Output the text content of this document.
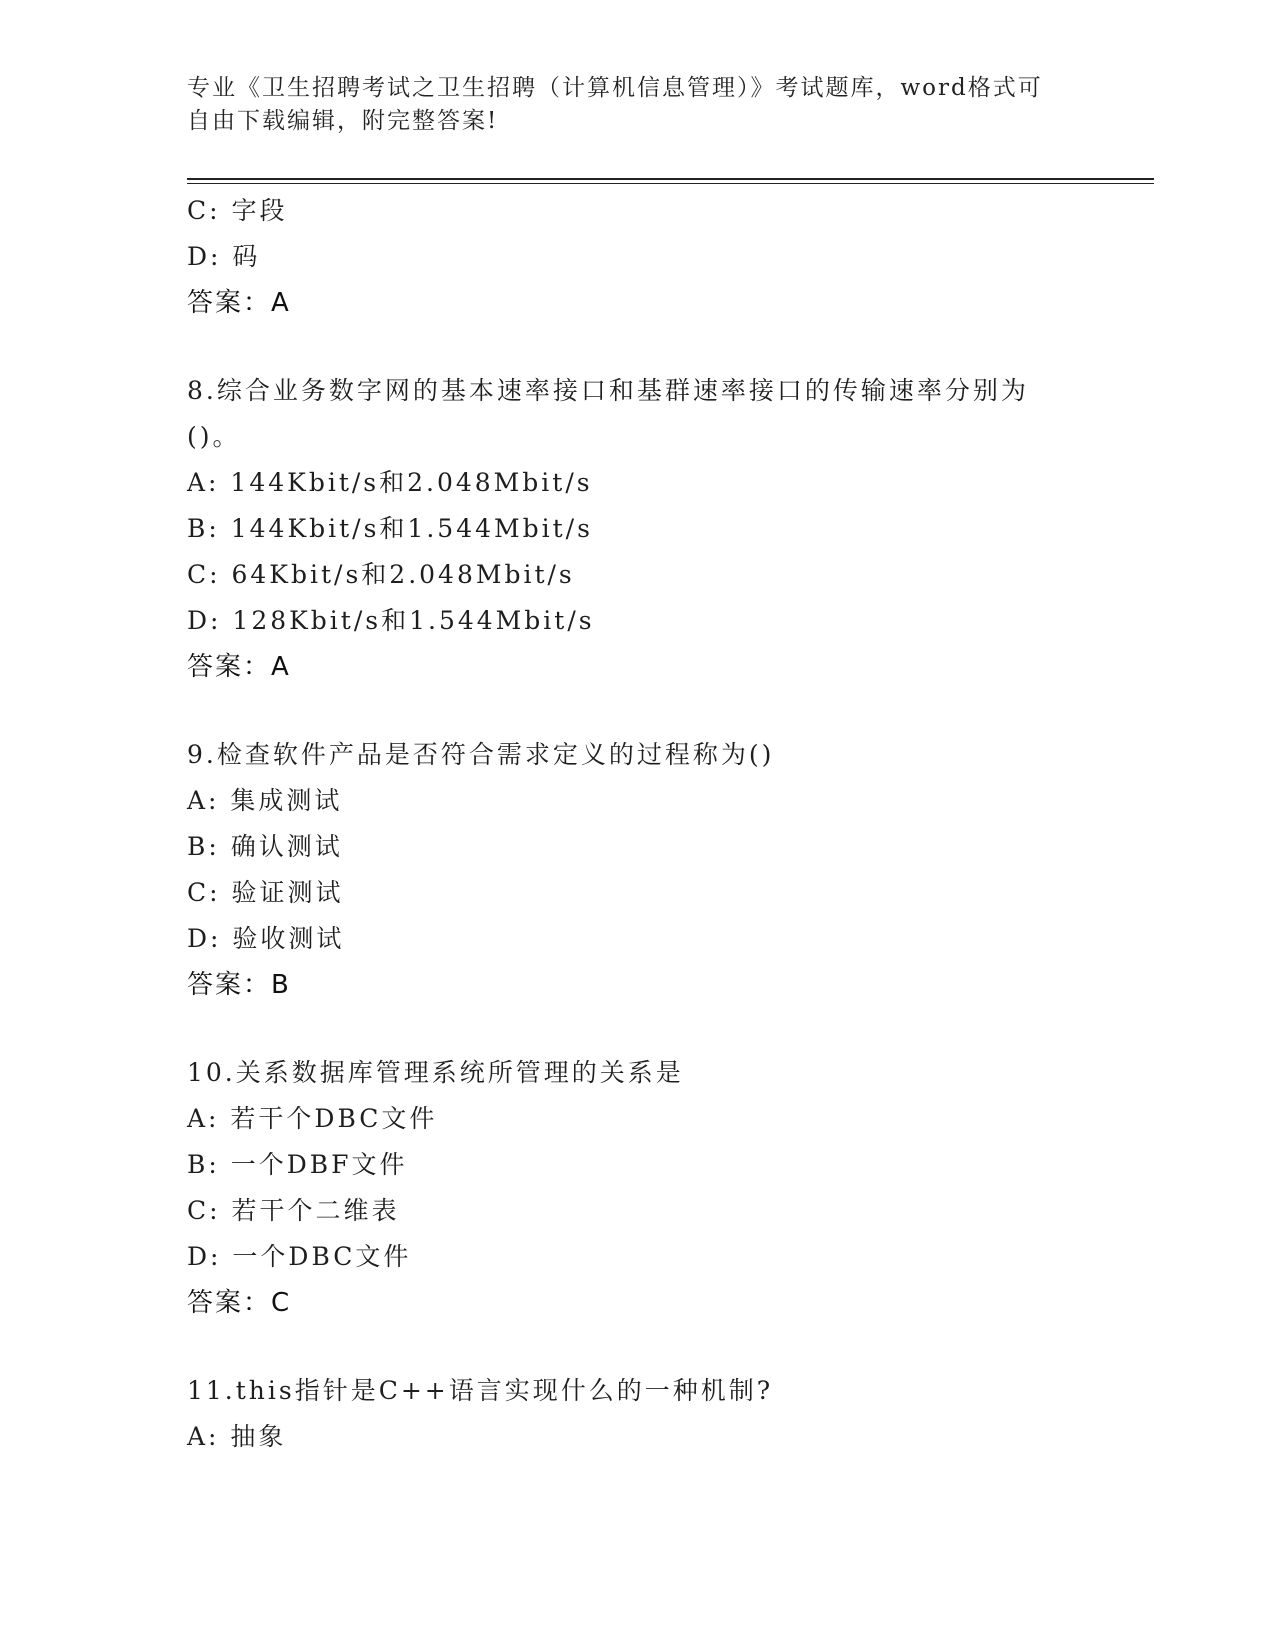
专业《卫生招聘考试之卫生招聘（计算机信息管理）》考试题库，word格式可自由下载编辑，附完整答案!
C: 字段
D: 码
答案：A
8.综合业务数字网的基本速率接口和基群速率接口的传输速率分别为
()。
A: 144Kbit/s和2.048Mbit/s
B: 144Kbit/s和1.544Mbit/s
C: 64Kbit/s和2.048Mbit/s
D: 128Kbit/s和1.544Mbit/s
答案：A
9.检查软件产品是否符合需求定义的过程称为()
A: 集成测试
B: 确认测试
C: 验证测试
D: 验收测试
答案：B
10.关系数据库管理系统所管理的关系是
A: 若干个DBC文件
B: 一个DBF文件
C: 若干个二维表
D: 一个DBC文件
答案：C
11.this指针是C++语言实现什么的一种机制?
A: 抽象
